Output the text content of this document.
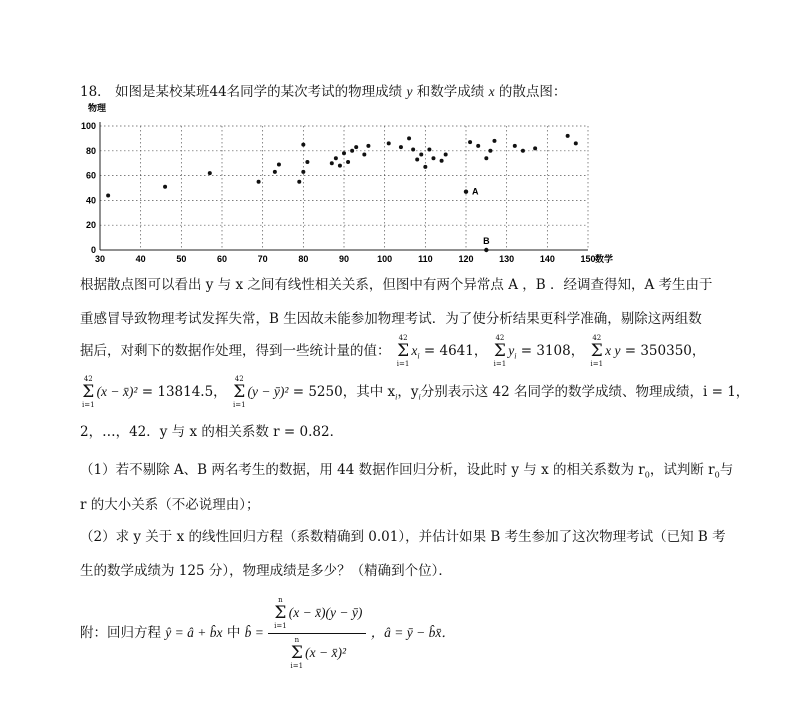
18． 如图是某校某班44名同学的某次考试的物理成绩 y 和数学成绩 x 的散点图：
30	40	50	60	70	80	90	100	110	120	130	140	150
0
20
40
60
80
100
A
B
物理
数学
根据散点图可以看出 y 与 x 之间有线性相关关系，但图中有两个异常点 A ，B ．经调查得知，A 考生由于
重感冒导致物理考试发挥失常，B 生因故未能参加物理考试．为了使分析结果更科学准确，剔除这两组数
据后，对剩下的数据作处理，得到一些统计量的值：
42
Σ
i=1
$x_i = 4641$，
42
Σ
i=1
$y_i = 3108$，
42
Σ
i=1
x y = 350350，
42
Σ
i=1
(x − x̄)² = 13814.5，
42
Σ
i=1
(y − ȳ)² = 5250，其中 $x_i$，$y_i$分别表示这 42 名同学的数学成绩、物理成绩，i = 1，
2，…，42．y 与 x 的相关系数 r = 0.82．
（1）若不剔除 A、B 两名考生的数据，用 44 数据作回归分析，设此时 y 与 x 的相关系数为 $r_0$，试判断 $r_0$与
r 的大小关系（不必说理由）；
（2）求 y 关于 x 的线性回归方程（系数精确到 0.01），并估计如果 B 考生参加了这次物理考试（已知 B 考
生的数学成绩为 125 分），物理成绩是多少？（精确到个位）．
附：回归方程 ŷ = â + b̂x 中 b̂ = n
Σ
i=1
(x − x̄)(y − ȳ)
n
Σ
i=1
(x − x̄)² ，â = ȳ − b̂x̄．
